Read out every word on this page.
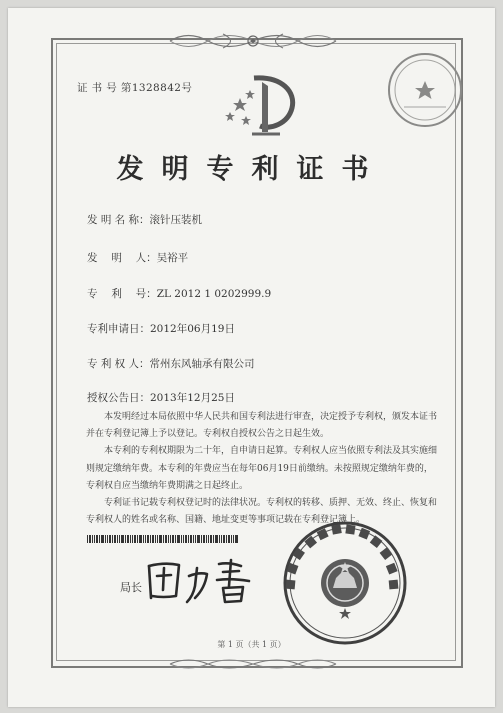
证 书 号 第1328842号
发明专利证书
发 明 名 称：滚针压装机
发　 明　 人：吴裕平
专　 利　 号：ZL 2012 1 0202999.9
专利申请日：2012年06月19日
专 利 权 人：常州东风轴承有限公司
授权公告日：2013年12月25日

本发明经过本局依照中华人民共和国专利法进行审查，决定授予专利权，颁发本证书并在专利登记簿上予以登记。专利权自授权公告之日起生效。

本专利的专利权期限为二十年，自申请日起算。专利权人应当依照专利法及其实施细则规定缴纳年费。本专利的年费应当在每年06月19日前缴纳。未按照规定缴纳年费的，专利权自应当缴纳年费期满之日起终止。

专利证书记载专利权登记时的法律状况。专利权的转移、质押、无效、终止、恢复和专利权人的姓名或名称、国籍、地址变更等事项记载在专利登记簿上。

局长
第 1 页（共 1 页）
